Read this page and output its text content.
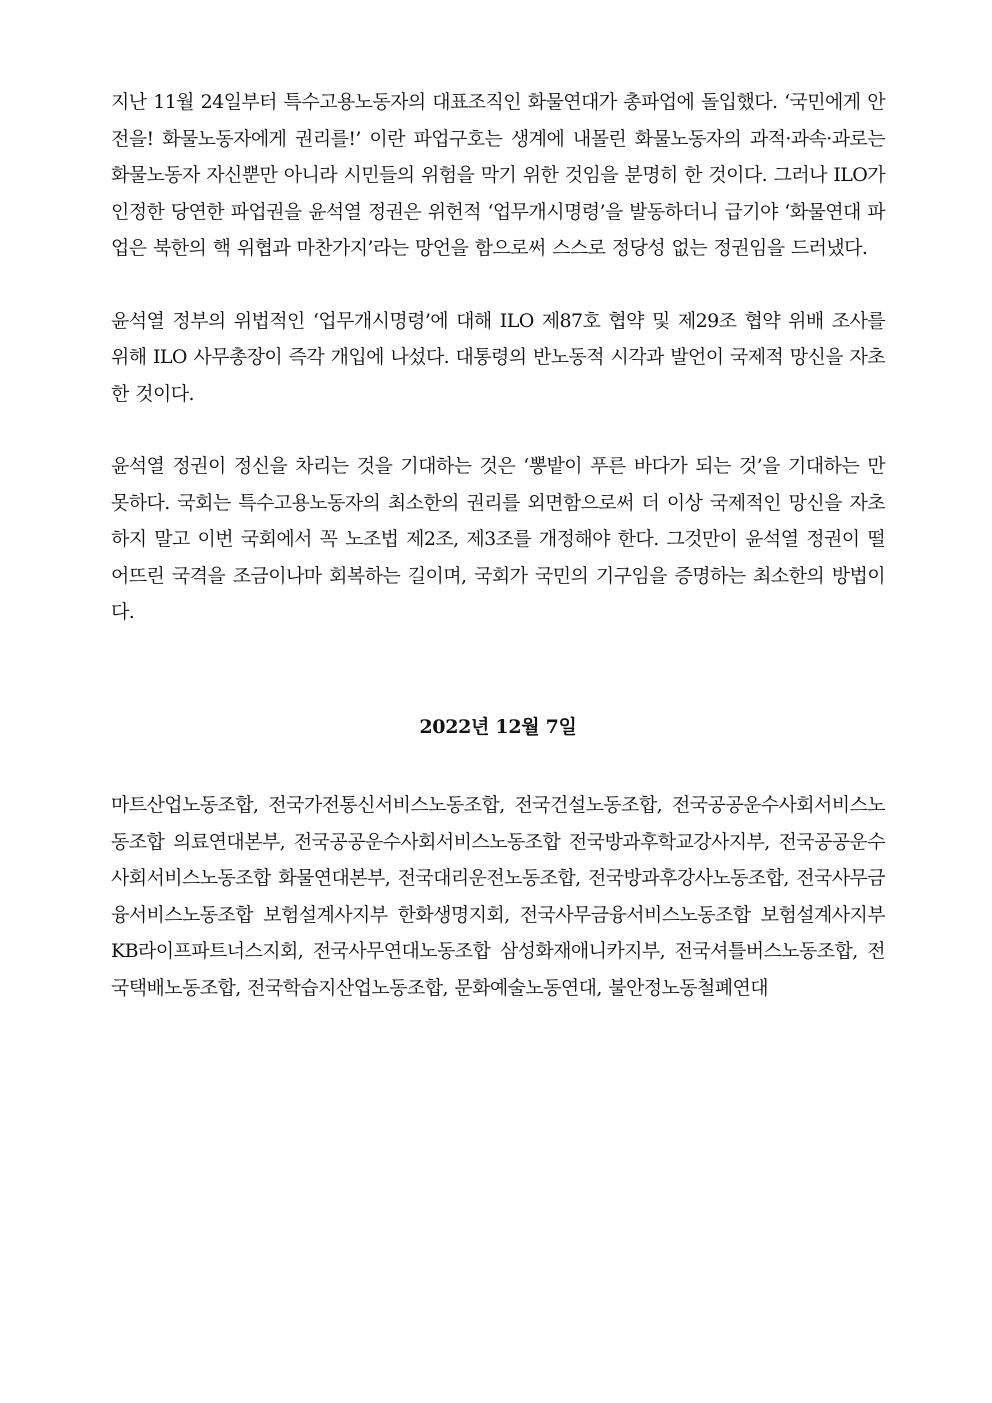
지난 11월 24일부터 특수고용노동자의 대표조직인 화물연대가 총파업에 돌입했다. ‘국민에게 안전을! 화물노동자에게 권리를!’ 이란 파업구호는 생계에 내몰린 화물노동자의 과적·과속·과로는 화물노동자 자신뿐만 아니라 시민들의 위험을 막기 위한 것임을 분명히 한 것이다. 그러나 ILO가 인정한 당연한 파업권을 윤석열 정권은 위헌적 ‘업무개시명령’을 발동하더니 급기야 ‘화물연대 파업은 북한의 핵 위협과 마찬가지’라는 망언을 함으로써 스스로 정당성 없는 정권임을 드러냈다.

윤석열 정부의 위법적인 ‘업무개시명령’에 대해 ILO 제87호 협약 및 제29조 협약 위배 조사를 위해 ILO 사무총장이 즉각 개입에 나섰다. 대통령의 반노동적 시각과 발언이 국제적 망신을 자초한 것이다.

윤석열 정권이 정신을 차리는 것을 기대하는 것은 ‘뽕밭이 푸른 바다가 되는 것’을 기대하는 만 못하다. 국회는 특수고용노동자의 최소한의 권리를 외면함으로써 더 이상 국제적인 망신을 자초하지 말고 이번 국회에서 꼭 노조법 제2조, 제3조를 개정해야 한다. 그것만이 윤석열 정권이 떨어뜨린 국격을 조금이나마 회복하는 길이며, 국회가 국민의 기구임을 증명하는 최소한의 방법이다.

2022년 12월 7일

마트산업노동조합, 전국가전통신서비스노동조합, 전국건설노동조합, 전국공공운수사회서비스노동조합 의료연대본부, 전국공공운수사회서비스노동조합 전국방과후학교강사지부, 전국공공운수사회서비스노동조합 화물연대본부, 전국대리운전노동조합, 전국방과후강사노동조합, 전국사무금융서비스노동조합 보험설계사지부 한화생명지회, 전국사무금융서비스노동조합 보험설계사지부 KB라이프파트너스지회, 전국사무연대노동조합 삼성화재애니카지부, 전국셔틀버스노동조합, 전국택배노동조합, 전국학습지산업노동조합, 문화예술노동연대, 불안정노동철폐연대
